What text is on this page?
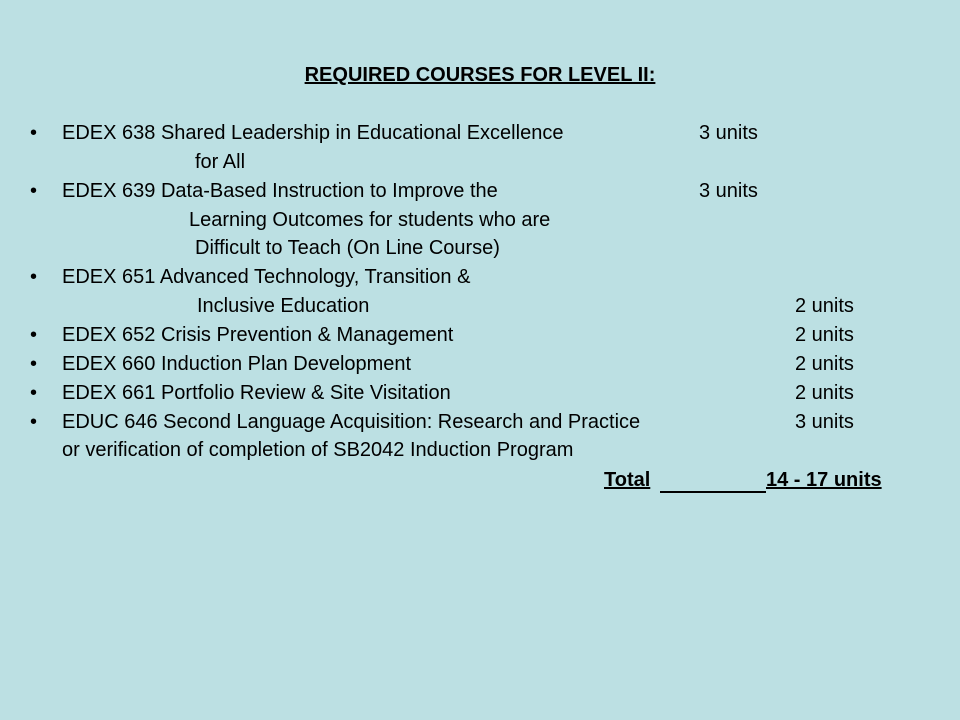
REQUIRED COURSES FOR LEVEL II:
• EDEX 638 Shared Leadership in Educational Excellence	3 units
for All
• EDEX 639 Data-Based Instruction to Improve the	3 units
Learning Outcomes for students who are
Difficult to Teach (On Line Course)
• EDEX 651 Advanced Technology, Transition &
Inclusive Education	2 units
• EDEX 652 Crisis Prevention & Management	2 units
• EDEX 660 Induction Plan Development	2 units
• EDEX 661 Portfolio Review & Site Visitation	2 units
• EDUC 646 Second Language Acquisition: Research and Practice	3 units
or verification of completion of SB2042 Induction Program
Total	14 - 17 units
